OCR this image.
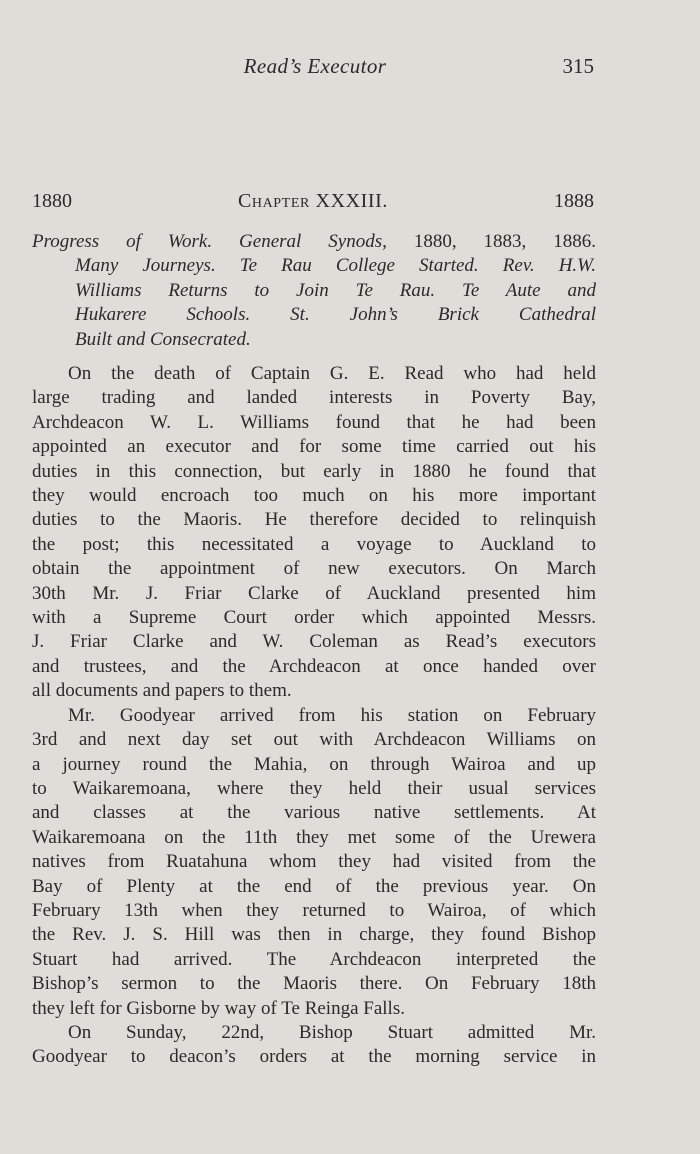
Read’s Executor	315
1880	Chapter XXXIII.	1888
Progress of Work. General Synods, 1880, 1883, 1886.
Many Journeys. Te Rau College Started. Rev. H.W.
Williams Returns to Join Te Rau. Te Aute and
Hukarere Schools. St. John’s Brick Cathedral
Built and Consecrated.
On the death of Captain G. E. Read who had held
large trading and landed interests in Poverty Bay,
Archdeacon W. L. Williams found that he had been
appointed an executor and for some time carried out his
duties in this connection, but early in 1880 he found that
they would encroach too much on his more important
duties to the Maoris. He therefore decided to relinquish
the post; this necessitated a voyage to Auckland to
obtain the appointment of new executors. On March
30th Mr. J. Friar Clarke of Auckland presented him
with a Supreme Court order which appointed Messrs.
J. Friar Clarke and W. Coleman as Read’s executors
and trustees, and the Archdeacon at once handed over
all documents and papers to them.
Mr. Goodyear arrived from his station on February
3rd and next day set out with Archdeacon Williams on
a journey round the Mahia, on through Wairoa and up
to Waikaremoana, where they held their usual services
and classes at the various native settlements. At
Waikaremoana on the 11th they met some of the Urewera
natives from Ruatahuna whom they had visited from the
Bay of Plenty at the end of the previous year. On
February 13th when they returned to Wairoa, of which
the Rev. J. S. Hill was then in charge, they found Bishop
Stuart had arrived. The Archdeacon interpreted the
Bishop’s sermon to the Maoris there. On February 18th
they left for Gisborne by way of Te Reinga Falls.
On Sunday, 22nd, Bishop Stuart admitted Mr.
Goodyear to deacon’s orders at the morning service in
